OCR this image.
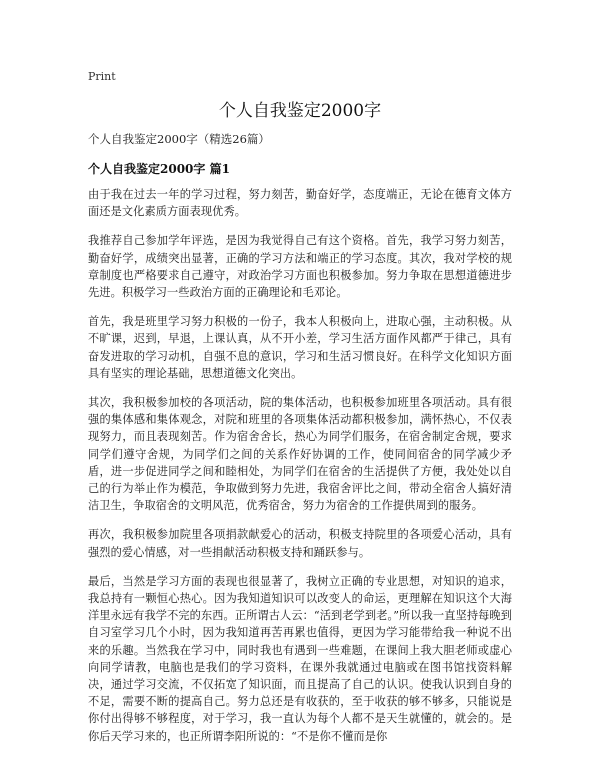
Print
个人自我鉴定2000字

个人自我鉴定2000字（精选26篇）

个人自我鉴定2000字 篇1

由于我在过去一年的学习过程，努力刻苦，勤奋好学，态度端正，无论在德育文体方面还是文化素质方面表现优秀。

我推荐自己参加学年评选，是因为我觉得自己有这个资格。首先，我学习努力刻苦，勤奋好学，成绩突出显著，正确的学习方法和端正的学习态度。其次，我对学校的规章制度也严格要求自己遵守，对政治学习方面也积极参加。努力争取在思想道德进步先进。积极学习一些政治方面的正确理论和毛邓论。

首先，我是班里学习努力积极的一份子，我本人积极向上，进取心强，主动积极。从不旷课，迟到，早退，上课认真，从不开小差，学习生活方面作风都严于律己，具有奋发进取的学习动机，自强不息的意识，学习和生活习惯良好。在科学文化知识方面具有坚实的理论基础，思想道德文化突出。

其次，我积极参加校的各项活动，院的集体活动，也积极参加班里各项活动。具有很强的集体感和集体观念，对院和班里的各项集体活动都积极参加，满怀热心，不仅表现努力，而且表现刻苦。作为宿舍舍长，热心为同学们服务，在宿舍制定舍规，要求同学们遵守舍规，为同学们之间的关系作好协调的工作，使同间宿舍的同学减少矛盾，进一步促进同学之间和睦相处，为同学们在宿舍的生活提供了方便，我处处以自己的行为举止作为模范，争取做到努力先进，我宿舍评比之间，带动全宿舍人搞好清洁卫生，争取宿舍的文明风范，优秀宿舍，努力为宿舍的工作提供周到的服务。

再次，我积极参加院里各项捐款献爱心的活动，积极支持院里的各项爱心活动，具有强烈的爱心情感，对一些捐献活动积极支持和踊跃参与。

最后，当然是学习方面的表现也很显著了，我树立正确的专业思想，对知识的追求，我总持有一颗恒心热心。因为我知道知识可以改变人的命运，更理解在知识这个大海洋里永远有我学不完的东西。正所谓古人云：“活到老学到老。”所以我一直坚持每晚到自习室学习几个小时，因为我知道再苦再累也值得，更因为学习能带给我一种说不出来的乐趣。当然我在学习中，同时我也有遇到一些难题，在课间上我大胆老师或虚心向同学请教，电脑也是我们的学习资料，在课外我就通过电脑或在图书馆找资料解决，通过学习交流，不仅拓宽了知识面，而且提高了自己的认识。使我认识到自身的不足，需要不断的提高自己。努力总还是有收获的，至于收获的够不够多，只能说是你付出得够不够程度，对于学习，我一直认为每个人都不是天生就懂的，就会的。是你后天学习来的，也正所谓李阳所说的：“不是你不懂而是你
